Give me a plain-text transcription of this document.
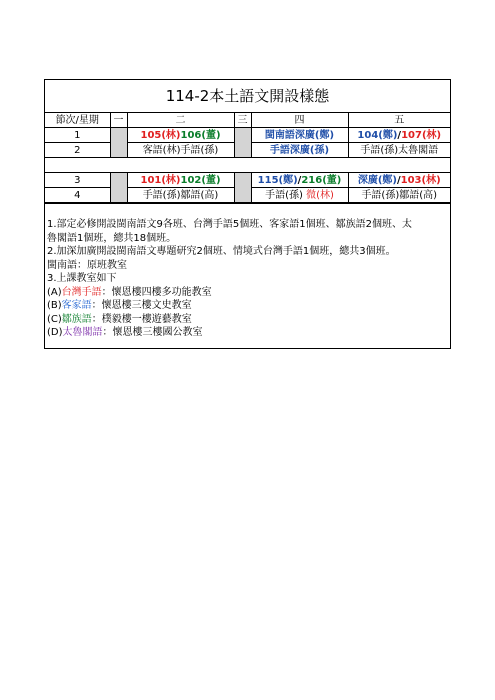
114-2本土語文開設樣態
節次/星期	一	二	三	四	五
1		105(林)106(董)		閩南語深廣(鄭)	104(鄭)/107(林)
2		客語(林)手語(孫)		手語深廣(孫)	手語(孫)太魯閣語

3		101(林)102(董)		115(鄭)/216(董)	深廣(鄭)/103(林)
4		手語(孫)鄒語(高)		手語(孫) 微(林)	手語(孫)鄒語(高)
1.部定必修開設閩南語文9各班、台灣手語5個班、客家語1個班、鄒族語2個班、太
魯閣語1個班，總共18個班。
2.加深加廣開設閩南語文專題研究2個班、情境式台灣手語1個班，總共3個班。
閩南語：原班教室
3.上課教室如下
(A)台灣手語：懷恩樓四樓多功能教室
(B)客家語：懷恩樓三樓文史教室
(C)鄒族語：樸毅樓一樓遊藝教室
(D)太魯閣語：懷恩樓三樓國公教室
